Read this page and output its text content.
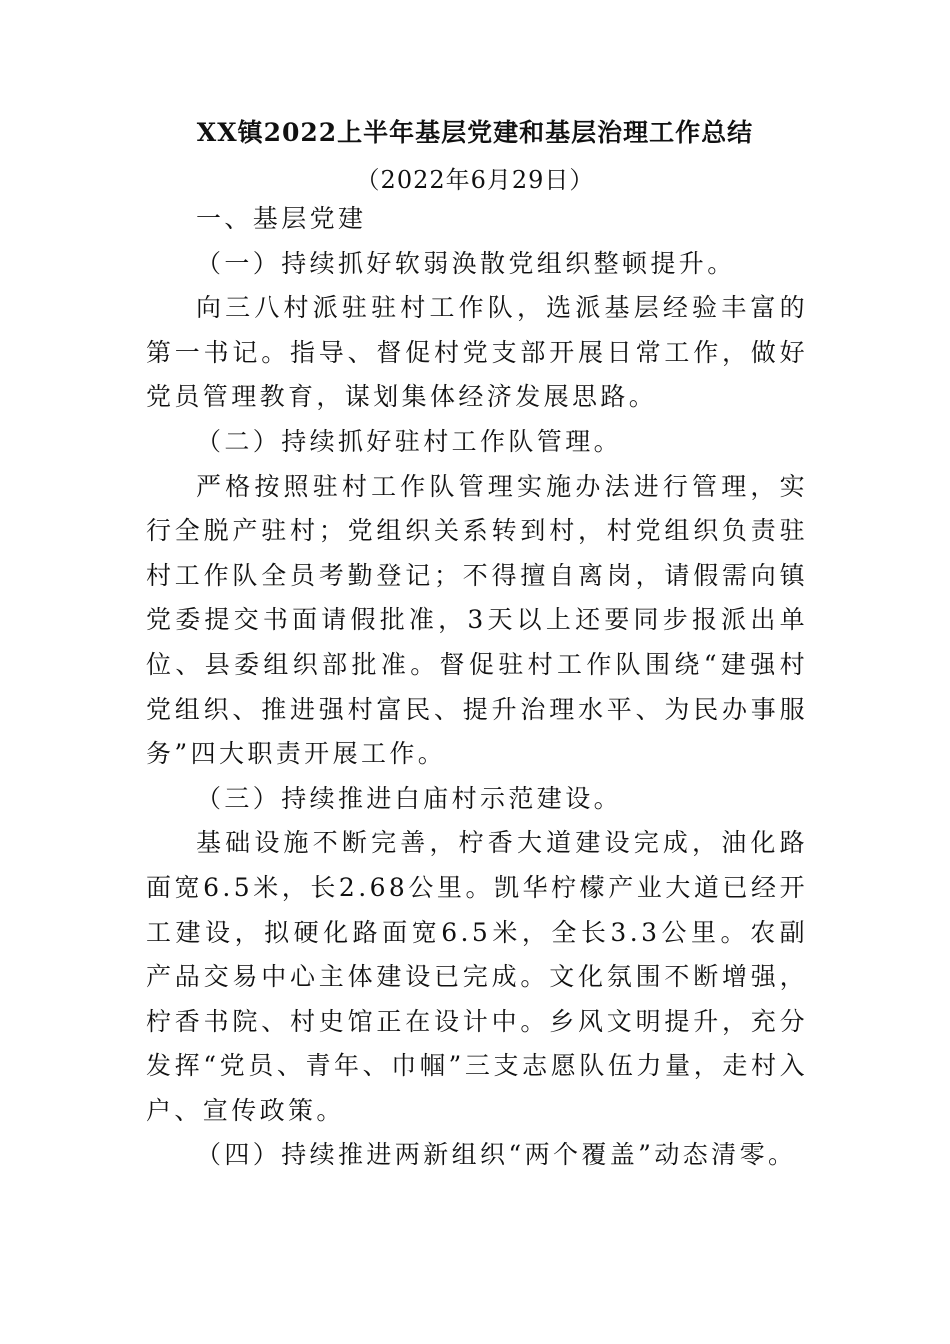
XX镇2022上半年基层党建和基层治理工作总结
（2022年6月29日）

一、基层党建

（一）持续抓好软弱涣散党组织整顿提升。

向三八村派驻驻村工作队，选派基层经验丰富的第一书记。指导、督促村党支部开展日常工作，做好党员管理教育，谋划集体经济发展思路。

（二）持续抓好驻村工作队管理。

严格按照驻村工作队管理实施办法进行管理，实行全脱产驻村；党组织关系转到村，村党组织负责驻村工作队全员考勤登记；不得擅自离岗，请假需向镇党委提交书面请假批准，3天以上还要同步报派出单位、县委组织部批准。督促驻村工作队围绕“建强村党组织、推进强村富民、提升治理水平、为民办事服务”四大职责开展工作。

（三）持续推进白庙村示范建设。

基础设施不断完善，柠香大道建设完成，油化路面宽6.5米，长2.68公里。凯华柠檬产业大道已经开工建设，拟硬化路面宽6.5米，全长3.3公里。农副产品交易中心主体建设已完成。文化氛围不断增强，柠香书院、村史馆正在设计中。乡风文明提升，充分发挥“党员、青年、巾帼”三支志愿队伍力量，走村入户、宣传政策。

（四）持续推进两新组织“两个覆盖”动态清零。
